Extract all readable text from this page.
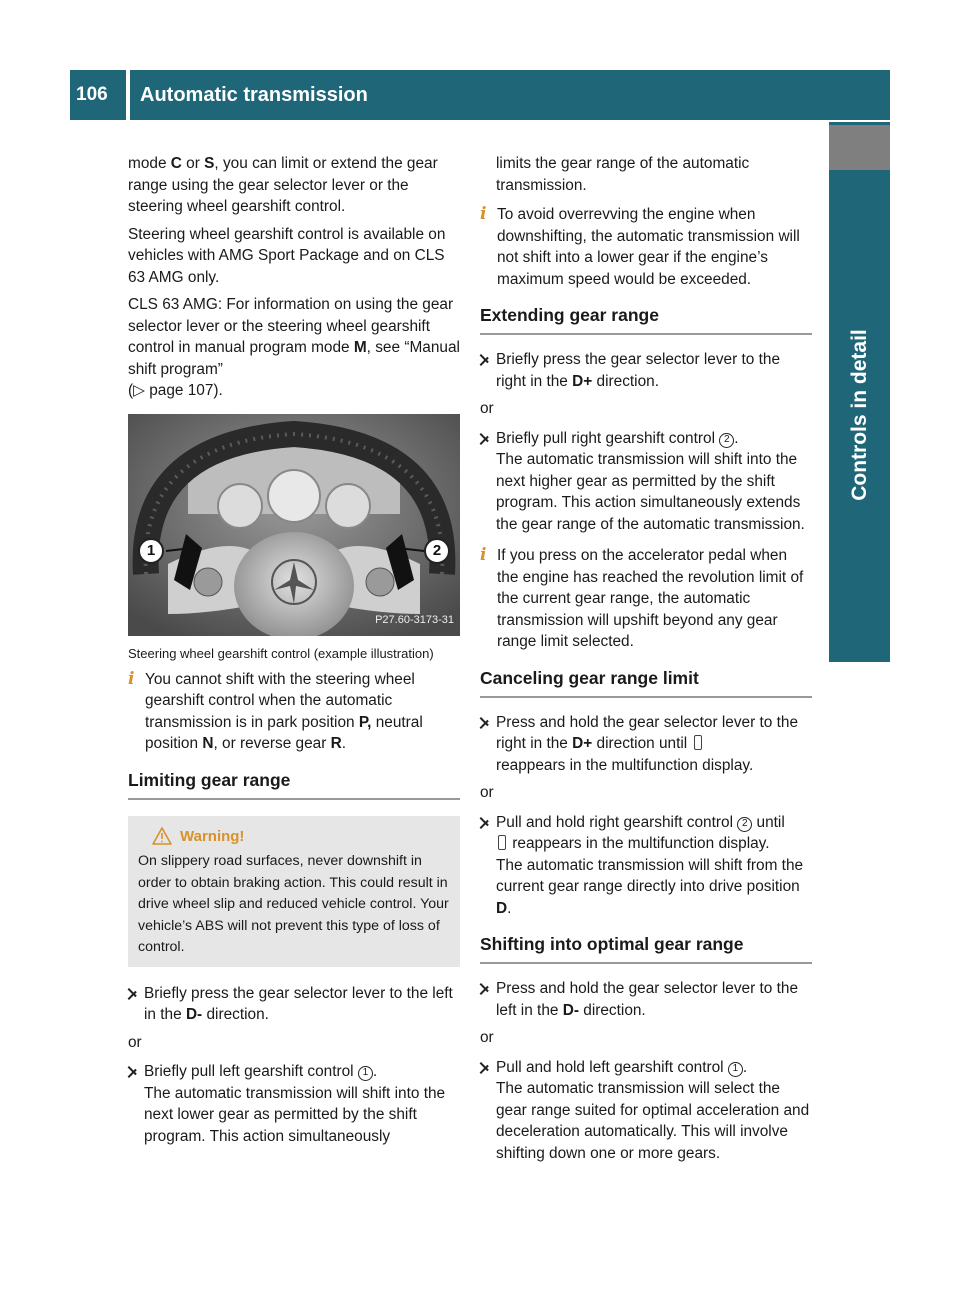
106	Automatic transmission
Controls in detail

mode C or S, you can limit or extend the gear range using the gear selector lever or the steering wheel gearshift control.

Steering wheel gearshift control is available on vehicles with AMG Sport Package and on CLS 63 AMG only.

CLS 63 AMG: For information on using the gear selector lever or the steering wheel gearshift control in manual program mode M, see “Manual shift program”
(▷ page 107).

1	2
P27.60-3173-31

Steering wheel gearshift control (example illustration)

i
You cannot shift with the steering wheel gearshift control when the automatic transmission is in park position P, neutral position N, or reverse gear R.
Limiting gear range
Warning!
On slippery road surfaces, never downshift in order to obtain braking action. This could result in drive wheel slip and reduced vehicle control. Your vehicle’s ABS will not prevent this type of loss of control.
Briefly press the gear selector lever to the left in the D- direction.

or

Briefly pull left gearshift control 1 .
The automatic transmission will shift into the next lower gear as permitted by the shift program. This action simultaneously

limits the gear range of the automatic transmission.

i
To avoid overrevving the engine when downshifting, the automatic transmission will not shift into a lower gear if the engine’s maximum speed would be exceeded.
Extending gear range
Briefly press the gear selector lever to the right in the D+ direction.

or

Briefly pull right gearshift control 2 .
The automatic transmission will shift into the next higher gear as permitted by the shift program. This action simultaneously extends the gear range of the automatic transmission.
i
If you press on the accelerator pedal when the engine has reached the revolution limit of the current gear range, the automatic transmission will upshift beyond any gear range limit selected.
Canceling gear range limit
Press and hold the gear selector lever to the right in the D+ direction until
reappears in the multifunction display.

or

Pull and hold right gearshift control 2 until
reappears in the multifunction display.
The automatic transmission will shift from the current gear range directly into drive position D.
Shifting into optimal gear range
Press and hold the gear selector lever to the left in the D- direction.

or

Pull and hold left gearshift control 1 .
The automatic transmission will select the gear range suited for optimal acceleration and deceleration automatically. This will involve shifting down one or more gears.
